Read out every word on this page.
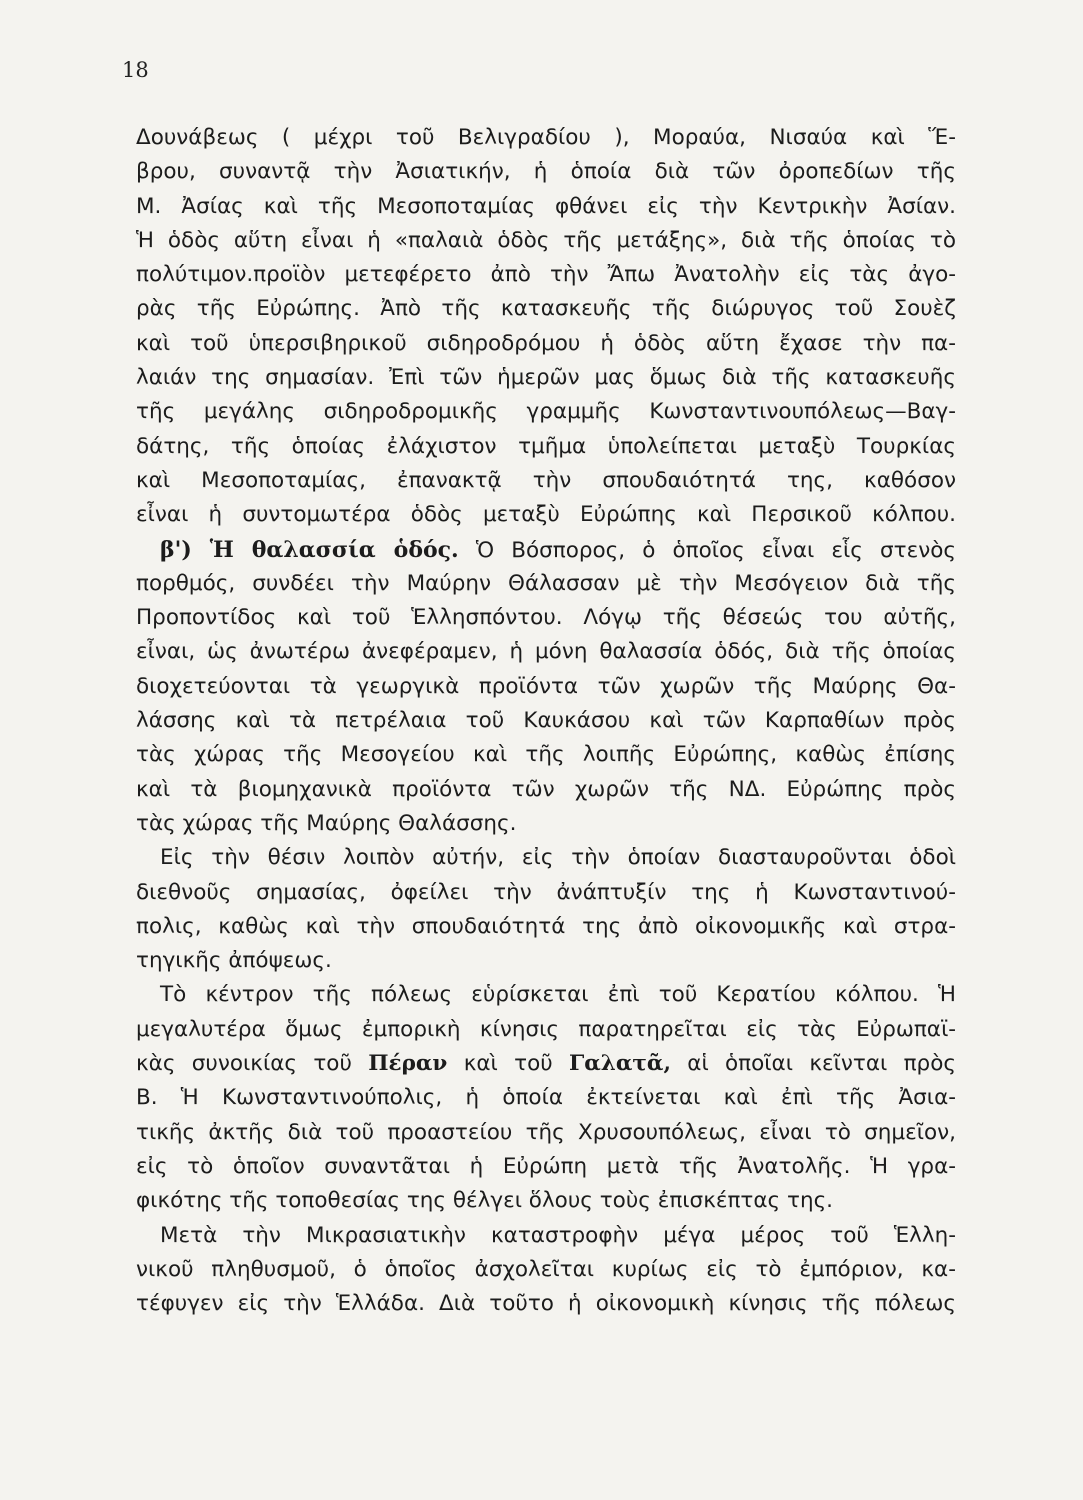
18
Δουνάβεως ( μέχρι τοῦ Βελιγραδίου ), Μοραύα, Νισαύα καὶ Ἕ-
βρου, συναντᾷ τὴν Ἀσιατικήν, ἡ ὁποία διὰ τῶν ὀροπεδίων τῆς
Μ. Ἀσίας καὶ τῆς Μεσοποταμίας φθάνει εἰς τὴν Κεντρικὴν Ἀσίαν.
Ἡ ὁδὸς αὕτη εἶναι ἡ «παλαιὰ ὁδὸς τῆς μετάξης», διὰ τῆς ὁποίας τὸ
πολύτιμον.προϊὸν μετεφέρετο ἀπὸ τὴν Ἄπω Ἀνατολὴν εἰς τὰς ἀγο-
ρὰς τῆς Εὐρώπης. Ἀπὸ τῆς κατασκευῆς τῆς διώρυγος τοῦ Σουὲζ
καὶ τοῦ ὑπερσιβηρικοῦ σιδηροδρόμου ἡ ὁδὸς αὕτη ἔχασε τὴν πα-
λαιάν της σημασίαν. Ἐπὶ τῶν ἡμερῶν μας ὅμως διὰ τῆς κατασκευῆς
τῆς μεγάλης σιδηροδρομικῆς γραμμῆς Κωνσταντινουπόλεως—Βαγ-
δάτης, τῆς ὁποίας ἐλάχιστον τμῆμα ὑπολείπεται μεταξὺ Τουρκίας
καὶ Μεσοποταμίας, ἐπανακτᾷ τὴν σπουδαιότητά της, καθόσον
εἶναι ἡ συντομωτέρα ὁδὸς μεταξὺ Εὐρώπης καὶ Περσικοῦ κόλπου.
β') Ἡ θαλασσία ὁδός. Ὁ Βόσπορος, ὁ ὁποῖος εἶναι εἷς στενὸς
πορθμός, συνδέει τὴν Μαύρην Θάλασσαν μὲ τὴν Μεσόγειον διὰ τῆς
Προποντίδος καὶ τοῦ Ἑλλησπόντου. Λόγῳ τῆς θέσεώς του αὐτῆς,
εἶναι, ὡς ἀνωτέρω ἀνεφέραμεν, ἡ μόνη θαλασσία ὁδός, διὰ τῆς ὁποίας
διοχετεύονται τὰ γεωργικὰ προϊόντα τῶν χωρῶν τῆς Μαύρης Θα-
λάσσης καὶ τὰ πετρέλαια τοῦ Καυκάσου καὶ τῶν Καρπαθίων πρὸς
τὰς χώρας τῆς Μεσογείου καὶ τῆς λοιπῆς Εὐρώπης, καθὼς ἐπίσης
καὶ τὰ βιομηχανικὰ προϊόντα τῶν χωρῶν τῆς ΝΔ. Εὐρώπης πρὸς
τὰς χώρας τῆς Μαύρης Θαλάσσης.
Εἰς τὴν θέσιν λοιπὸν αὐτήν, εἰς τὴν ὁποίαν διασταυροῦνται ὁδοὶ
διεθνοῦς σημασίας, ὀφείλει τὴν ἀνάπτυξίν της ἡ Κωνσταντινού-
πολις, καθὼς καὶ τὴν σπουδαιότητά της ἀπὸ οἰκονομικῆς καὶ στρα-
τηγικῆς ἀπόψεως.
Τὸ κέντρον τῆς πόλεως εὑρίσκεται ἐπὶ τοῦ Κερατίου κόλπου. Ἡ
μεγαλυτέρα ὅμως ἐμπορικὴ κίνησις παρατηρεῖται εἰς τὰς Εὐρωπαϊ-
κὰς συνοικίας τοῦ Πέραν καὶ τοῦ Γαλατᾶ, αἱ ὁποῖαι κεῖνται πρὸς
Β. Ἡ Κωνσταντινούπολις, ἡ ὁποία ἐκτείνεται καὶ ἐπὶ τῆς Ἀσια-
τικῆς ἀκτῆς διὰ τοῦ προαστείου τῆς Χρυσουπόλεως, εἶναι τὸ σημεῖον,
εἰς τὸ ὁποῖον συναντᾶται ἡ Εὐρώπη μετὰ τῆς Ἀνατολῆς. Ἡ γρα-
φικότης τῆς τοποθεσίας της θέλγει ὅλους τοὺς ἐπισκέπτας της.
Μετὰ τὴν Μικρασιατικὴν καταστροφὴν μέγα μέρος τοῦ Ἑλλη-
νικοῦ πληθυσμοῦ, ὁ ὁποῖος ἀσχολεῖται κυρίως εἰς τὸ ἐμπόριον, κα-
τέφυγεν εἰς τὴν Ἑλλάδα. Διὰ τοῦτο ἡ οἰκονομικὴ κίνησις τῆς πόλεως
